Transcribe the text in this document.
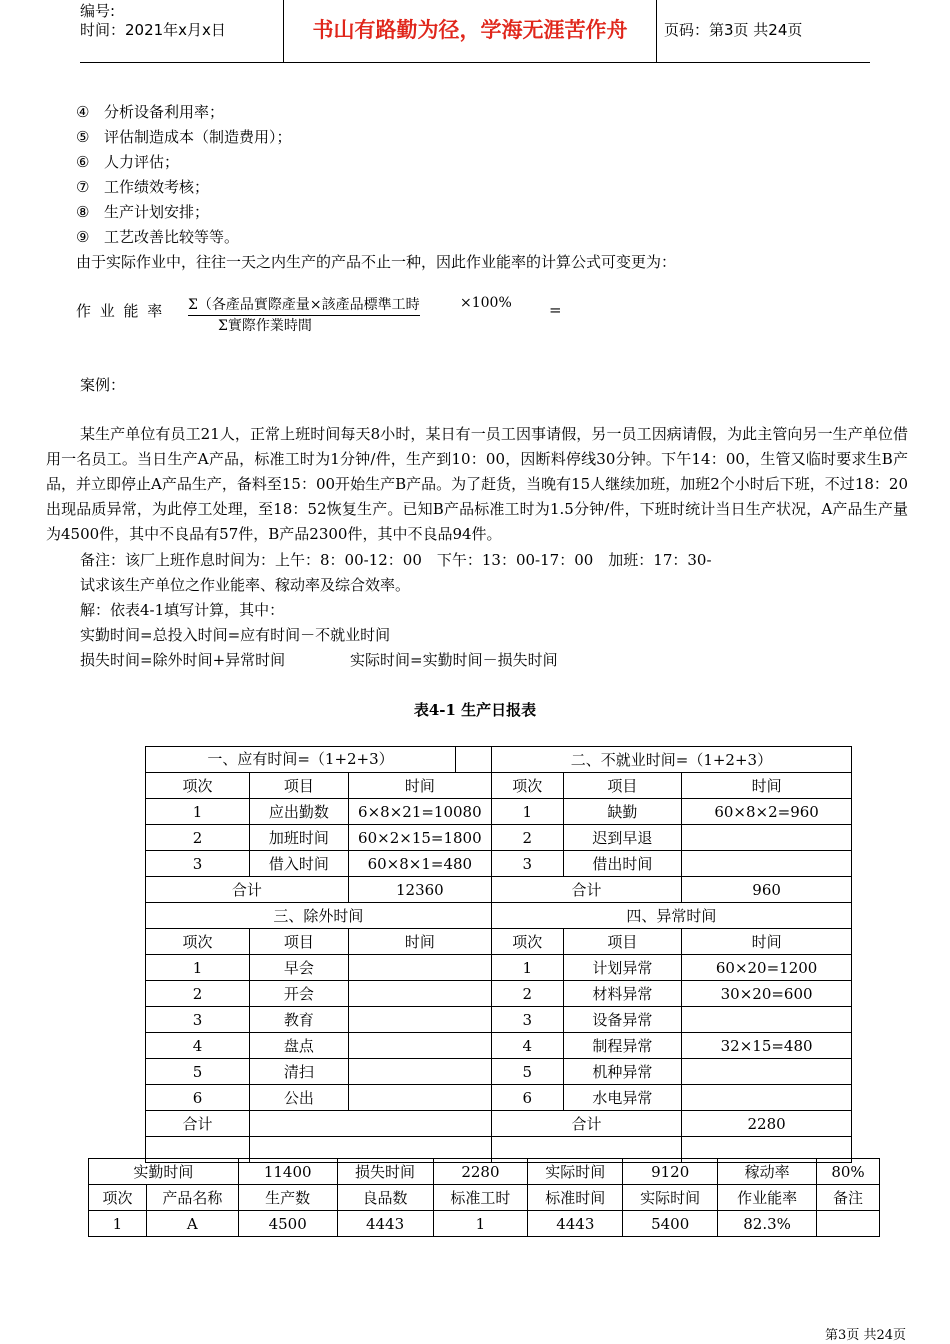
编号:
时间：2021年x月x日	书山有路勤为径，学海无涯苦作舟	页码：第3页 共24页
④ 分析设备利用率；
⑤ 评估制造成本（制造费用）；
⑥ 人力评估；
⑦ 工作绩效考核；
⑧ 生产计划安排；
⑨ 工艺改善比较等等。
由于实际作业中，往往一天之内生产的产品不止一种，因此作业能率的计算公式可变更为：
作 业 能 率 Σ（各產品實際產量×該產品標準工時	×100% =
Σ實際作業時間
案例：
某生产单位有员工21人，正常上班时间每天8小时，某日有一员工因事请假，另一员工因病请假，为此主管向另一生产单位借用一名员工。当日生产A产品，标准工时为1分钟/件，生产到10：00，因断料停线30分钟。下午14：00，生管又临时要求生B产品，并立即停止A产品生产，备料至15：00开始生产B产品。为了赶货，当晚有15人继续加班，加班2个小时后下班，不过18：20出现品质异常，为此停工处理，至18：52恢复生产。已知B产品标准工时为1.5分钟/件，下班时统计当日生产状况，A产品生产量为4500件，其中不良品有57件，B产品2300件，其中不良品94件。
备注：该厂上班作息时间为：上午：8：00-12：00　下午：13：00-17：00　加班：17：30-
试求该生产单位之作业能率、稼动率及综合效率。
解：依表4-1填写计算，其中：
实勤时间=总投入时间=应有时间－不就业时间
损失时间=除外时间+异常时间	实际时间=实勤时间－损失时间
表4-1 生产日报表
一、应有时间=（1+2+3）			二、不就业时间=（1+2+3）		
项次	项目	时间	项次	项目	时间
1	应出勤数	6×8×21=10080	1	缺勤	60×8×2=960
2	加班时间	60×2×15=1800	2	迟到早退	
3	借入时间	60×8×1=480	3	借出时间	
合计		12360	合计		960
三、除外时间			四、异常时间		
项次	项目	时间	项次	项目	时间
1	早会		1	计划异常	60×20=1200
2	开会		2	材料异常	30×20=600
3	教育		3	设备异常	
4	盘点		4	制程异常	32×15=480
5	清扫		5	机种异常	
6	公出		6	水电异常	
合计			合计		2280

实勤时间		11400	损失时间	2280	实际时间	9120	稼动率	80%
项次	产品名称	生产数	良品数	标准工时	标准时间	实际时间	作业能率	备注
1	A	4500	4443	1	4443	5400	82.3%	
第3页 共24页
